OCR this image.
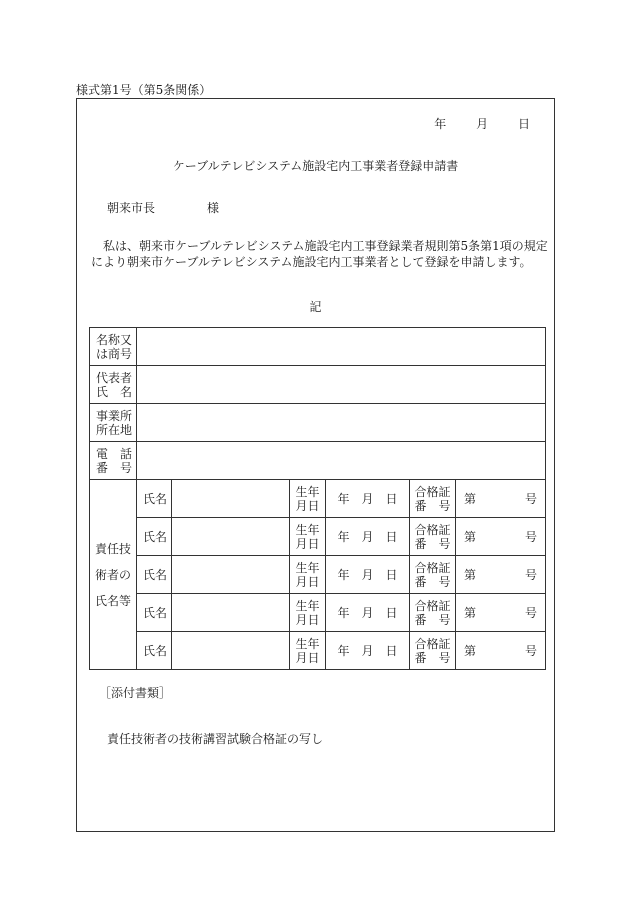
様式第1号（第5条関係）
年 月 日
ケーブルテレビシステム施設宅内工事業者登録申請書
朝来市長	様
私は、朝来市ケーブルテレビシステム施設宅内工事登録業者規則第5条第1項の規定
により朝来市ケーブルテレビシステム施設宅内工事業者として登録を申請します。
記
名称又
は商号						

代表者
氏　名						

事業所
所在地						

電　話
番　号						

責任技
術者の
氏名等	氏名		生年
月日	年　月　日	合格証
番　号	第 号

	氏名		生年
月日	年　月　日	合格証
番　号	第 号

	氏名		生年
月日	年　月　日	合格証
番　号	第 号

	氏名		生年
月日	年　月　日	合格証
番　号	第 号

	氏名		生年
月日	年　月　日	合格証
番　号	第 号
［添付書類］
責任技術者の技術講習試験合格証の写し
